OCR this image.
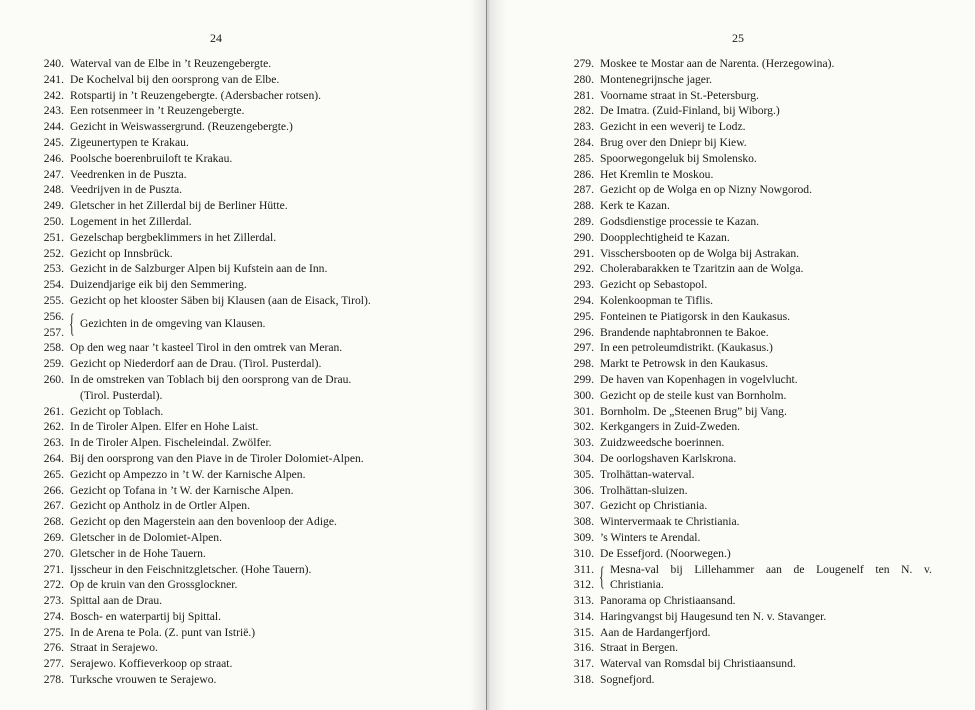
24
240. Waterval van de Elbe in ’t Reuzengebergte.
241. De Kochelval bij den oorsprong van de Elbe.
242. Rotspartij in ’t Reuzengebergte. (Adersbacher rotsen).
243. Een rotsenmeer in ’t Reuzengebergte.
244. Gezicht in Weiswassergrund. (Reuzengebergte.)
245. Zigeunertypen te Krakau.
246. Poolsche boerenbruiloft te Krakau.
247. Veedrenken in de Puszta.
248. Veedrijven in de Puszta.
249. Gletscher in het Zillerdal bij de Berliner Hütte.
250. Logement in het Zillerdal.
251. Gezelschap bergbeklimmers in het Zillerdal.
252. Gezicht op Innsbrück.
253. Gezicht in de Salzburger Alpen bij Kufstein aan de Inn.
254. Duizendjarige eik bij den Semmering.
255. Gezicht op het klooster Säben bij Klausen (aan de Eisack, Tirol).
256.
257. { Gezichten in de omgeving van Klausen.
258. Op den weg naar ’t kasteel Tirol in den omtrek van Meran.
259. Gezicht op Niederdorf aan de Drau. (Tirol. Pusterdal).
260. In de omstreken van Toblach bij den oorsprong van de Drau.
(Tirol. Pusterdal).
261. Gezicht op Toblach.
262. In de Tiroler Alpen. Elfer en Hohe Laist.
263. In de Tiroler Alpen. Fischeleindal. Zwölfer.
264. Bij den oorsprong van den Piave in de Tiroler Dolomiet-Alpen.
265. Gezicht op Ampezzo in ’t W. der Karnische Alpen.
266. Gezicht op Tofana in ’t W. der Karnische Alpen.
267. Gezicht op Antholz in de Ortler Alpen.
268. Gezicht op den Magerstein aan den bovenloop der Adige.
269. Gletscher in de Dolomiet-Alpen.
270. Gletscher in de Hohe Tauern.
271. Ijsscheur in den Feischnitzgletscher. (Hohe Tauern).
272. Op de kruin van den Grossglockner.
273. Spittal aan de Drau.
274. Bosch- en waterpartij bij Spittal.
275. In de Arena te Pola. (Z. punt van Istrië.)
276. Straat in Serajewo.
277. Serajewo. Koffieverkoop op straat.
278. Turksche vrouwen te Serajewo.
25
279. Moskee te Mostar aan de Narenta. (Herzegowina).
280. Montenegrijnsche jager.
281. Voorname straat in St.-Petersburg.
282. De Imatra. (Zuid-Finland, bij Wiborg.)
283. Gezicht in een weverij te Lodz.
284. Brug over den Dniepr bij Kiew.
285. Spoorwegongeluk bij Smolensko.
286. Het Kremlin te Moskou.
287. Gezicht op de Wolga en op Nizny Nowgorod.
288. Kerk te Kazan.
289. Godsdienstige processie te Kazan.
290. Doopplechtigheid te Kazan.
291. Visschersbooten op de Wolga bij Astrakan.
292. Cholerabarakken te Tzaritzin aan de Wolga.
293. Gezicht op Sebastopol.
294. Kolenkoopman te Tiflis.
295. Fonteinen te Piatigorsk in den Kaukasus.
296. Brandende naphtabronnen te Bakoe.
297. In een petroleumdistrikt. (Kaukasus.)
298. Markt te Petrowsk in den Kaukasus.
299. De haven van Kopenhagen in vogelvlucht.
300. Gezicht op de steile kust van Bornholm.
301. Bornholm. De „Steenen Brug” bij Vang.
302. Kerkgangers in Zuid-Zweden.
303. Zuidzweedsche boerinnen.
304. De oorlogshaven Karlskrona.
305. Trolhättan-waterval.
306. Trolhättan-sluizen.
307. Gezicht op Christiania.
308. Wintervermaak te Christiania.
309. ’s Winters te Arendal.
310. De Essefjord. (Noorwegen.)
311.
312. { Mesna-val bij Lillehammer aan de Lougenelf ten N. v.
Christiania.
313. Panorama op Christiaansand.
314. Haringvangst bij Haugesund ten N. v. Stavanger.
315. Aan de Hardangerfjord.
316. Straat in Bergen.
317. Waterval van Romsdal bij Christiaansund.
318. Sognefjord.
